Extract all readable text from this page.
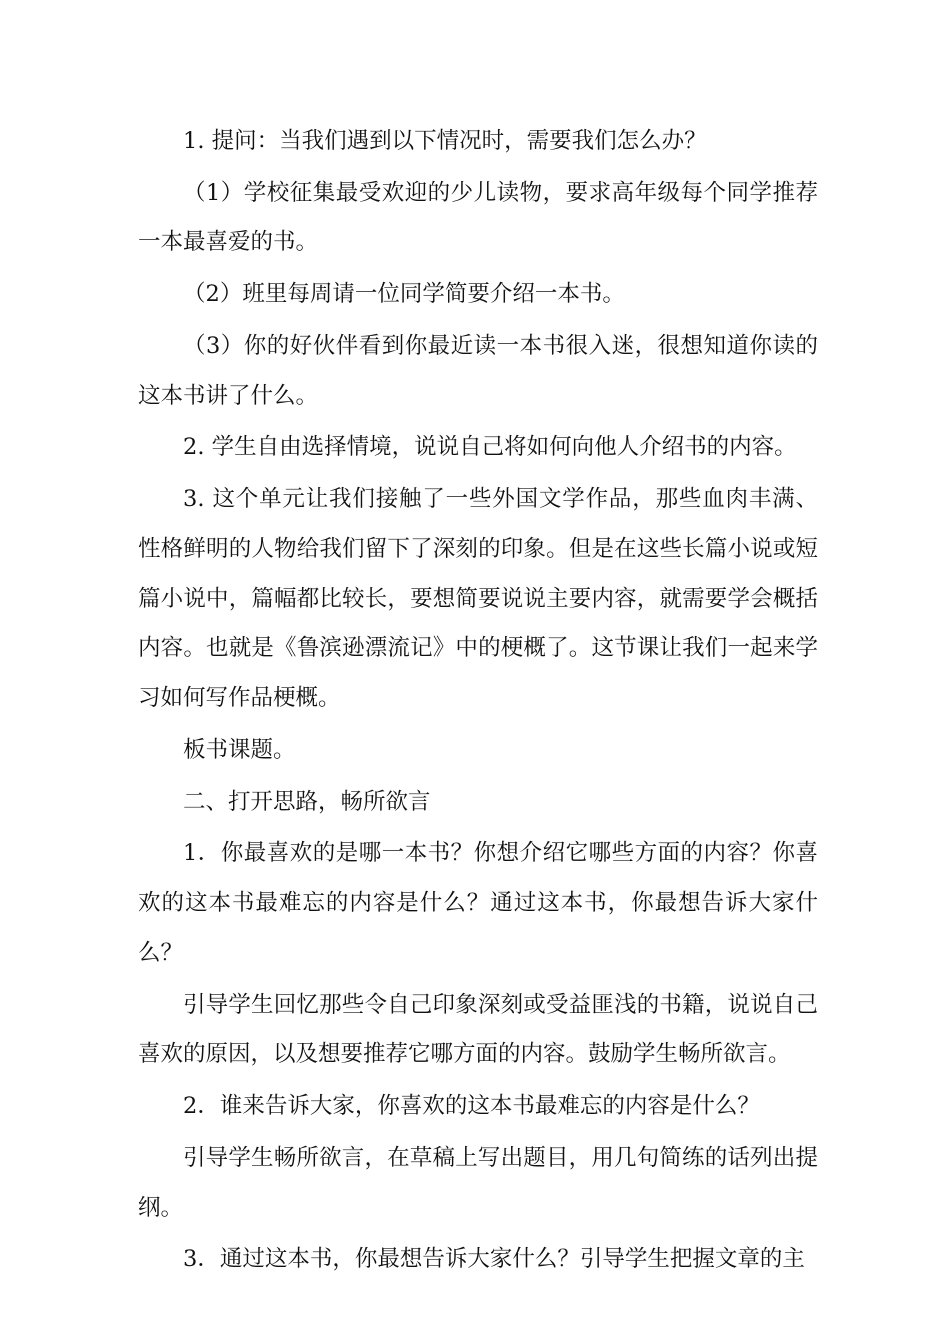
1. 提问：当我们遇到以下情况时，需要我们怎么办？

（1）学校征集最受欢迎的少儿读物，要求高年级每个同学推荐一本最喜爱的书。

（2）班里每周请一位同学简要介绍一本书。

（3）你的好伙伴看到你最近读一本书很入迷，很想知道你读的这本书讲了什么。

2. 学生自由选择情境，说说自己将如何向他人介绍书的内容。

3. 这个单元让我们接触了一些外国文学作品，那些血肉丰满、性格鲜明的人物给我们留下了深刻的印象。但是在这些长篇小说或短篇小说中，篇幅都比较长，要想简要说说主要内容，就需要学会概括内容。也就是《鲁滨逊漂流记》中的梗概了。这节课让我们一起来学习如何写作品梗概。

板书课题。

二、打开思路，畅所欲言

1．你最喜欢的是哪一本书？你想介绍它哪些方面的内容？你喜欢的这本书最难忘的内容是什么？通过这本书，你最想告诉大家什么？

引导学生回忆那些令自己印象深刻或受益匪浅的书籍，说说自己喜欢的原因，以及想要推荐它哪方面的内容。鼓励学生畅所欲言。

2．谁来告诉大家，你喜欢的这本书最难忘的内容是什么？

引导学生畅所欲言，在草稿上写出题目，用几句简练的话列出提纲。

3．通过这本书，你最想告诉大家什么？引导学生把握文章的主
